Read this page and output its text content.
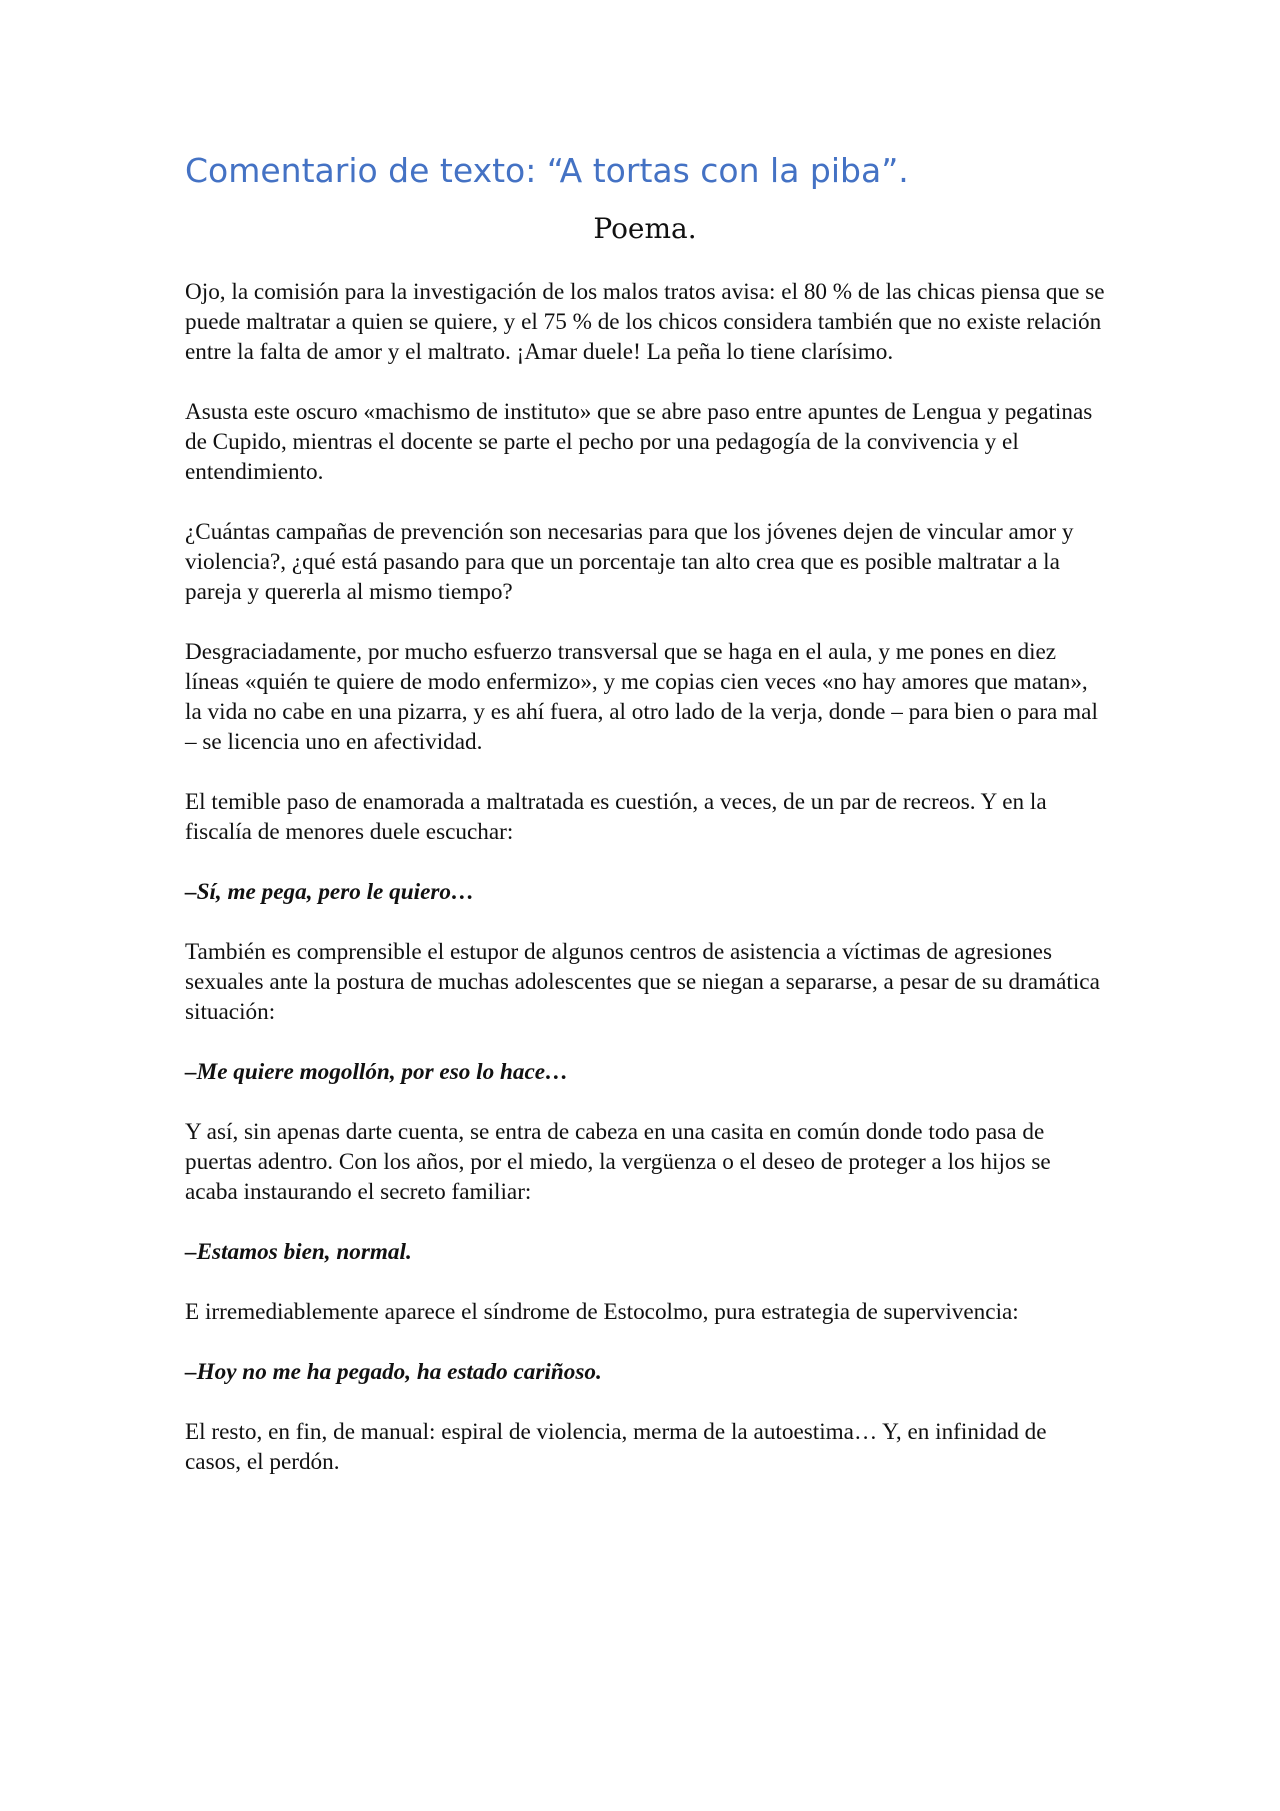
Comentario de texto: “A tortas con la piba”.
Poema.

Ojo, la comisión para la investigación de los malos tratos avisa: el 80 % de las chicas piensa que se puede maltratar a quien se quiere, y el 75 % de los chicos considera también que no existe relación entre la falta de amor y el maltrato. ¡Amar duele! La peña lo tiene clarísimo.

Asusta este oscuro «machismo de instituto» que se abre paso entre apuntes de Lengua y pegatinas de Cupido, mientras el docente se parte el pecho por una pedagogía de la convivencia y el entendimiento.

¿Cuántas campañas de prevención son necesarias para que los jóvenes dejen de vincular amor y violencia?, ¿qué está pasando para que un porcentaje tan alto crea que es posible maltratar a la pareja y quererla al mismo tiempo?

Desgraciadamente, por mucho esfuerzo transversal que se haga en el aula, y me pones en diez líneas «quién te quiere de modo enfermizo», y me copias cien veces «no hay amores que matan», la vida no cabe en una pizarra, y es ahí fuera, al otro lado de la verja, donde – para bien o para mal – se licencia uno en afectividad.

El temible paso de enamorada a maltratada es cuestión, a veces, de un par de recreos. Y en la fiscalía de menores duele escuchar:

–Sí, me pega, pero le quiero…

También es comprensible el estupor de algunos centros de asistencia a víctimas de agresiones sexuales ante la postura de muchas adolescentes que se niegan a separarse, a pesar de su dramática situación:

–Me quiere mogollón, por eso lo hace…

Y así, sin apenas darte cuenta, se entra de cabeza en una casita en común donde todo pasa de puertas adentro. Con los años, por el miedo, la vergüenza o el deseo de proteger a los hijos se acaba instaurando el secreto familiar:

–Estamos bien, normal.

E irremediablemente aparece el síndrome de Estocolmo, pura estrategia de supervivencia:

–Hoy no me ha pegado, ha estado cariñoso.

El resto, en fin, de manual: espiral de violencia, merma de la autoestima… Y, en infinidad de casos, el perdón.
